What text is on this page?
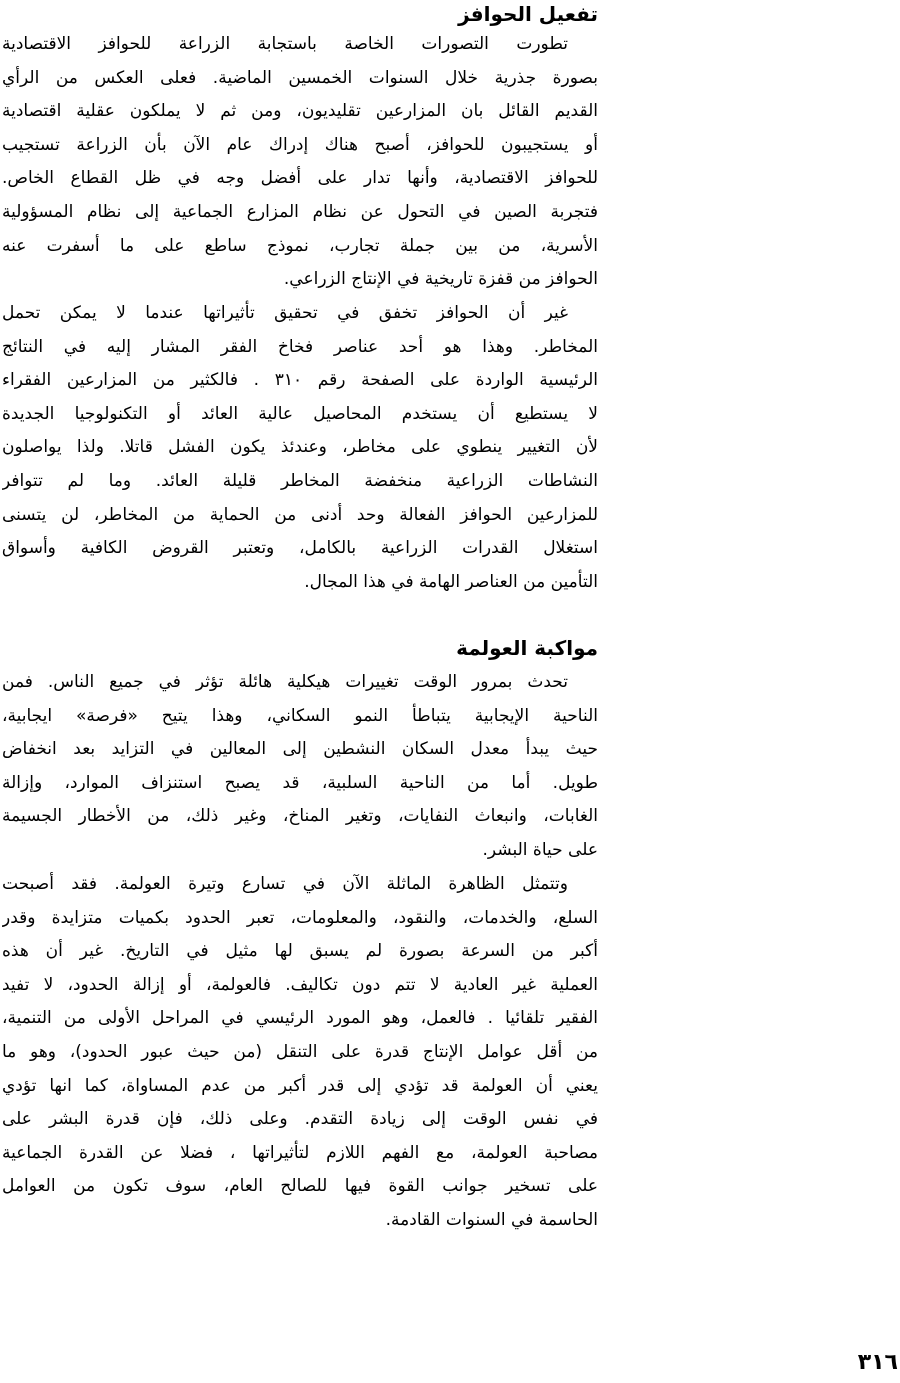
تفعيل الحوافز
تطورت التصورات الخاصة باستجابة الزراعة للحوافز الاقتصادية
بصورة جذرية خلال السنوات الخمسين الماضية. فعلى العكس من الرأي
القديم القائل بان المزارعين تقليديون، ومن ثم لا يملكون عقلية اقتصادية
أو يستجيبون للحوافز، أصبح هناك إدراك عام الآن بأن الزراعة تستجيب
للحوافز الاقتصادية، وأنها تدار على أفضل وجه في ظل القطاع الخاص.
فتجربة الصين في التحول عن نظام المزارع الجماعية إلى نظام المسؤولية
الأسرية، من بين جملة تجارب، نموذج ساطع على ما أسفرت عنه
الحوافز من قفزة تاريخية في الإنتاج الزراعي.
غير أن الحوافز تخفق في تحقيق تأثيراتها عندما لا يمكن تحمل
المخاطر. وهذا هو أحد عناصر فخاخ الفقر المشار إليه في النتائج
الرئيسية الواردة على الصفحة رقم ٣١٠ . فالكثير من المزارعين الفقراء
لا يستطيع أن يستخدم المحاصيل عالية العائد أو التكنولوجيا الجديدة
لأن التغيير ينطوي على مخاطر، وعندئذ يكون الفشل قاتلا. ولذا يواصلون
النشاطات الزراعية منخفضة المخاطر قليلة العائد. وما لم تتوافر
للمزارعين الحوافز الفعالة وحد أدنى من الحماية من المخاطر، لن يتسنى
استغلال القدرات الزراعية بالكامل، وتعتبر القروض الكافية وأسواق
التأمين من العناصر الهامة في هذا المجال.
مواكبة العولمة
تحدث بمرور الوقت تغييرات هيكلية هائلة تؤثر في جميع الناس. فمن
الناحية الإيجابية يتباطأ النمو السكاني، وهذا يتيح «فرصة» ايجابية،
حيث يبدأ معدل السكان النشطين إلى المعالين في التزايد بعد انخفاض
طويل. أما من الناحية السلبية، قد يصبح استنزاف الموارد، وإزالة
الغابات، وانبعاث النفايات، وتغير المناخ، وغير ذلك، من الأخطار الجسيمة
على حياة البشر.
وتتمثل الظاهرة الماثلة الآن في تسارع وتيرة العولمة. فقد أصبحت
السلع، والخدمات، والنقود، والمعلومات، تعبر الحدود بكميات متزايدة وقدر
أكبر من السرعة بصورة لم يسبق لها مثيل في التاريخ. غير أن هذه
العملية غير العادية لا تتم دون تكاليف. فالعولمة، أو إزالة الحدود، لا تفيد
الفقير تلقائيا . فالعمل، وهو المورد الرئيسي في المراحل الأولى من التنمية،
من أقل عوامل الإنتاج قدرة على التنقل (من حيث عبور الحدود)، وهو ما
يعني أن العولمة قد تؤدي إلى قدر أكبر من عدم المساواة، كما انها تؤدي
في نفس الوقت إلى زيادة التقدم. وعلى ذلك، فإن قدرة البشر على
مصاحبة العولمة، مع الفهم اللازم لتأثيراتها ، فضلا عن القدرة الجماعية
على تسخير جوانب القوة فيها للصالح العام، سوف تكون من العوامل
الحاسمة في السنوات القادمة.
٣١٦
